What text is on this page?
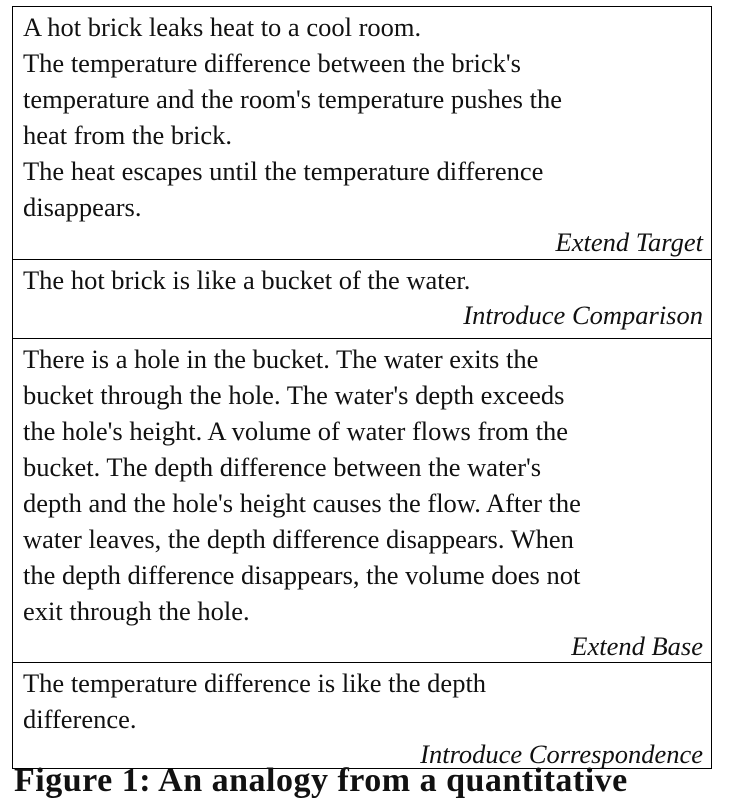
A hot brick leaks heat to a cool room.

The temperature difference between the brick's

temperature and the room's temperature pushes the

heat from the brick.

The heat escapes until the temperature difference

disappears.

Extend Target

The hot brick is like a bucket of the water.

Introduce Comparison

There is a hole in the bucket. The water exits the

bucket through the hole. The water's depth exceeds

the hole's height. A volume of water flows from the

bucket. The depth difference between the water's

depth and the hole's height causes the flow. After the

water leaves, the depth difference disappears. When

the depth difference disappears, the volume does not

exit through the hole.

Extend Base

The temperature difference is like the depth

difference.

Introduce Correspondence

Figure 1: An analogy from a quantitative
